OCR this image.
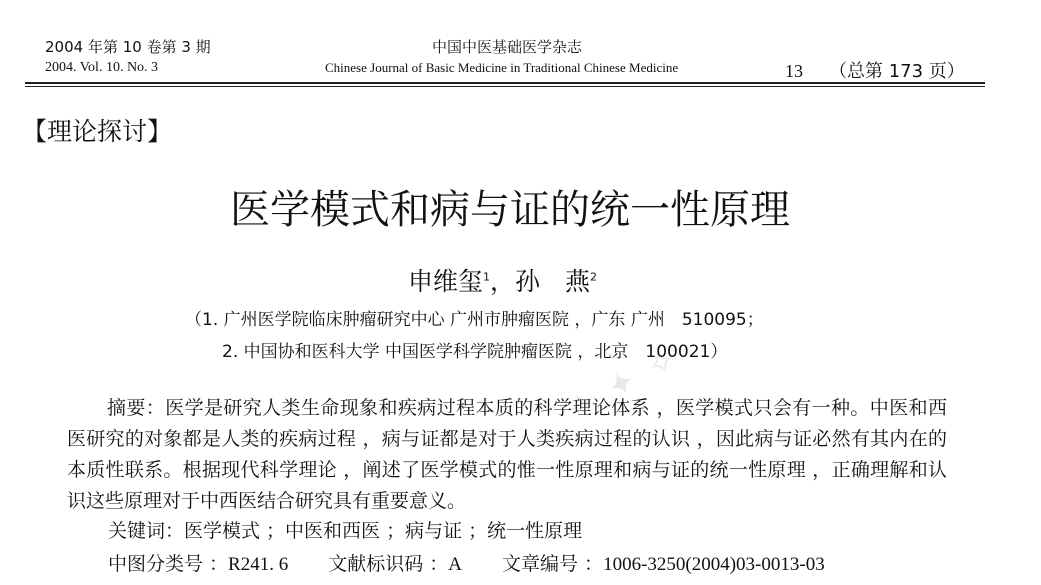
2004 年第 10 卷第 3 期
2004. Vol. 10. No. 3
中国中医基础医学杂志
Chinese Journal of Basic Medicine in Traditional Chinese Medicine	13 （总第 173 页）
【理论探讨】
医学模式和病与证的统一性原理
申维玺$^1$，孙　燕$^2$
（1. 广州医学院临床肿瘤研究中心 广州市肿瘤医院 ，广东 广州　510095；
2. 中国协和医科大学 中国医学科学院肿瘤医院 ，北京　100021）

摘要：医学是研究人类生命现象和疾病过程本质的科学理论体系 ，医学模式只会有一种。中医和西医研究的对象都是人类的疾病过程 ，病与证都是对于人类疾病过程的认识 ，因此病与证必然有其内在的本质性联系。根据现代科学理论 ，阐述了医学模式的惟一性原理和病与证的统一性原理 ，正确理解和认识这些原理对于中西医结合研究具有重要意义。

关键词：医学模式 ；中医和西医 ；病与证 ；统一性原理
中图分类号 ：R241. 6 文献标识码 ：A 文章编号 ：1006-3250(2004)03-0013-03
✧ ✦ ✧
